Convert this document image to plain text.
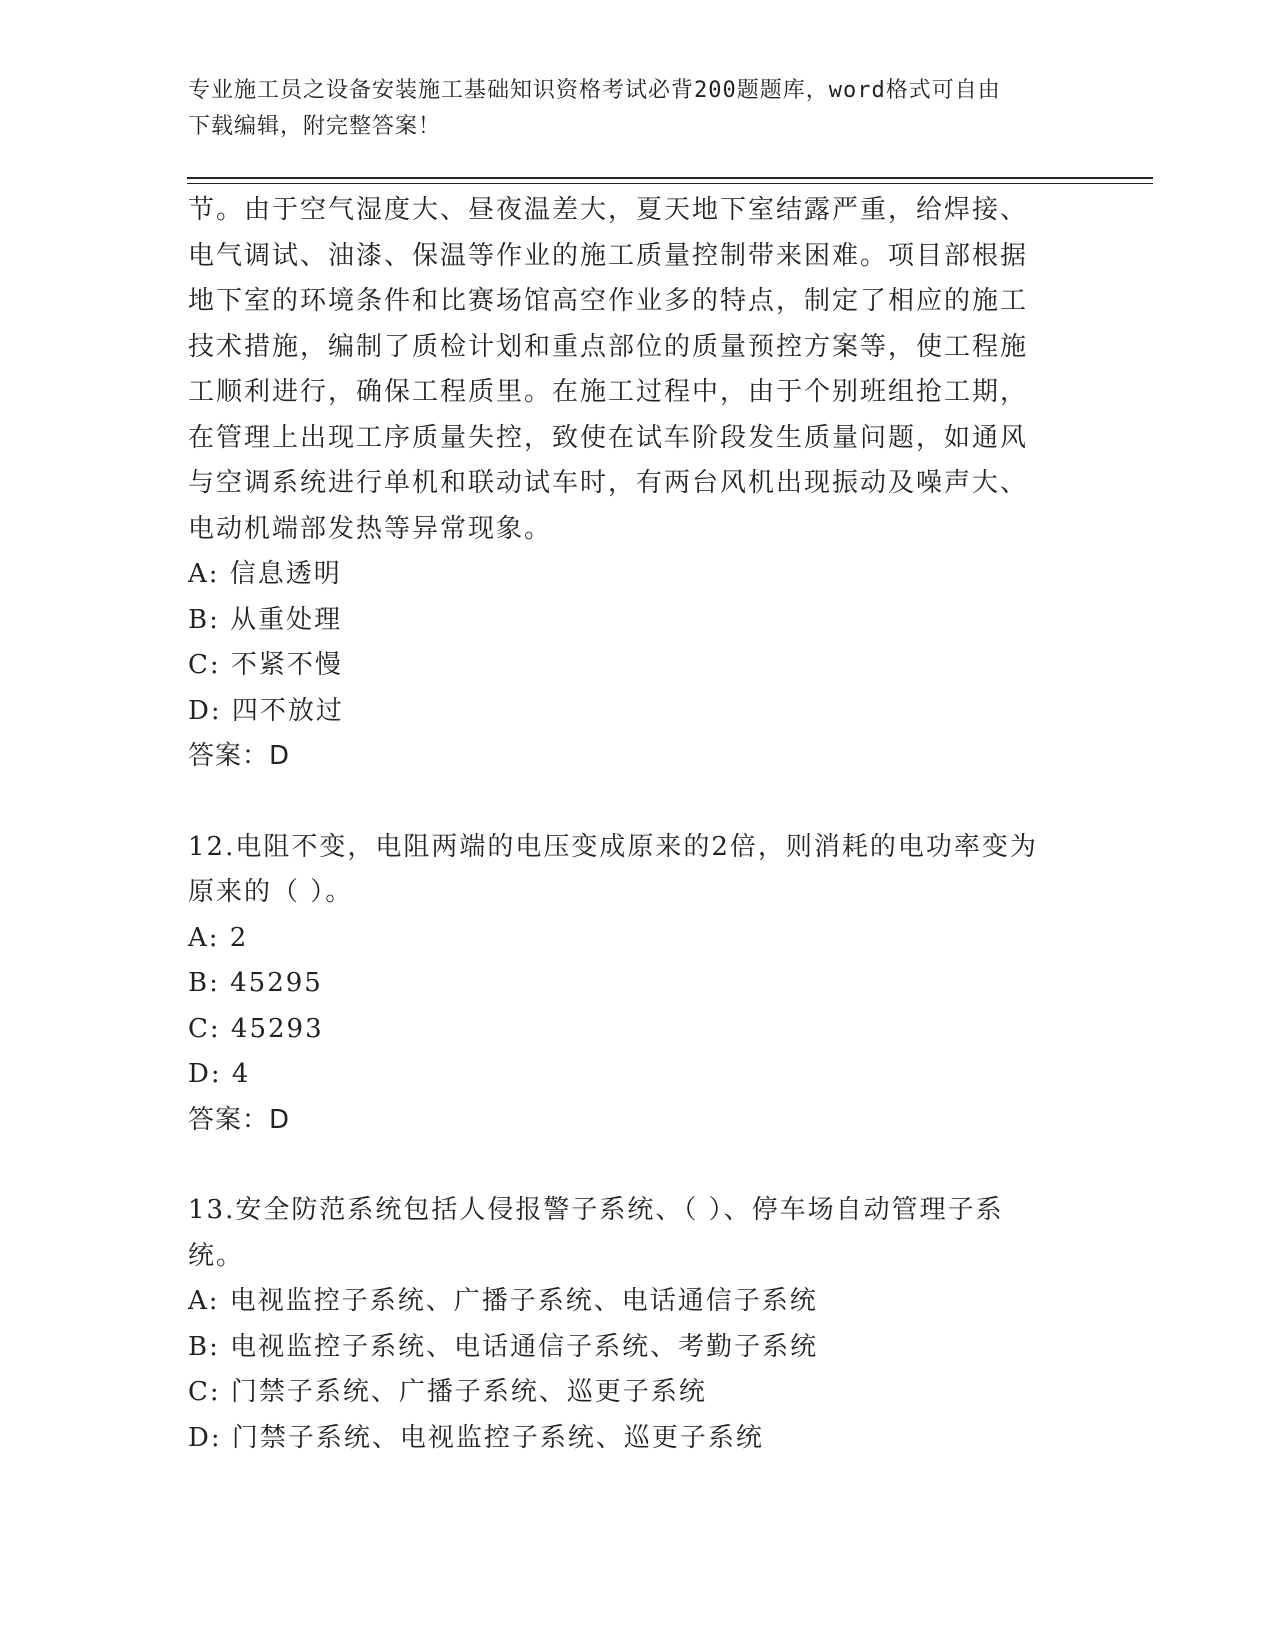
专业施工员之设备安装施工基础知识资格考试必背200题题库，word格式可自由
下载编辑，附完整答案！
节。由于空气湿度大、昼夜温差大，夏天地下室结露严重，给焊接、
电气调试、油漆、保温等作业的施工质量控制带来困难。项目部根据
地下室的环境条件和比赛场馆高空作业多的特点，制定了相应的施工
技术措施，编制了质检计划和重点部位的质量预控方案等，使工程施
工顺利进行，确保工程质里。在施工过程中，由于个别班组抢工期，
在管理上出现工序质量失控，致使在试车阶段发生质量问题，如通风
与空调系统进行单机和联动试车时，有两台风机出现振动及噪声大、
电动机端部发热等异常现象。
A: 信息透明
B: 从重处理
C: 不紧不慢
D: 四不放过
答案：D
12.电阻不变，电阻两端的电压变成原来的2倍，则消耗的电功率变为
原来的（ ）。
A: 2
B: 45295
C: 45293
D: 4
答案：D
13.安全防范系统包括人侵报警子系统、（ ）、停车场自动管理子系
统。
A: 电视监控子系统、广播子系统、电话通信子系统
B: 电视监控子系统、电话通信子系统、考勤子系统
C: 门禁子系统、广播子系统、巡更子系统
D: 门禁子系统、电视监控子系统、巡更子系统
